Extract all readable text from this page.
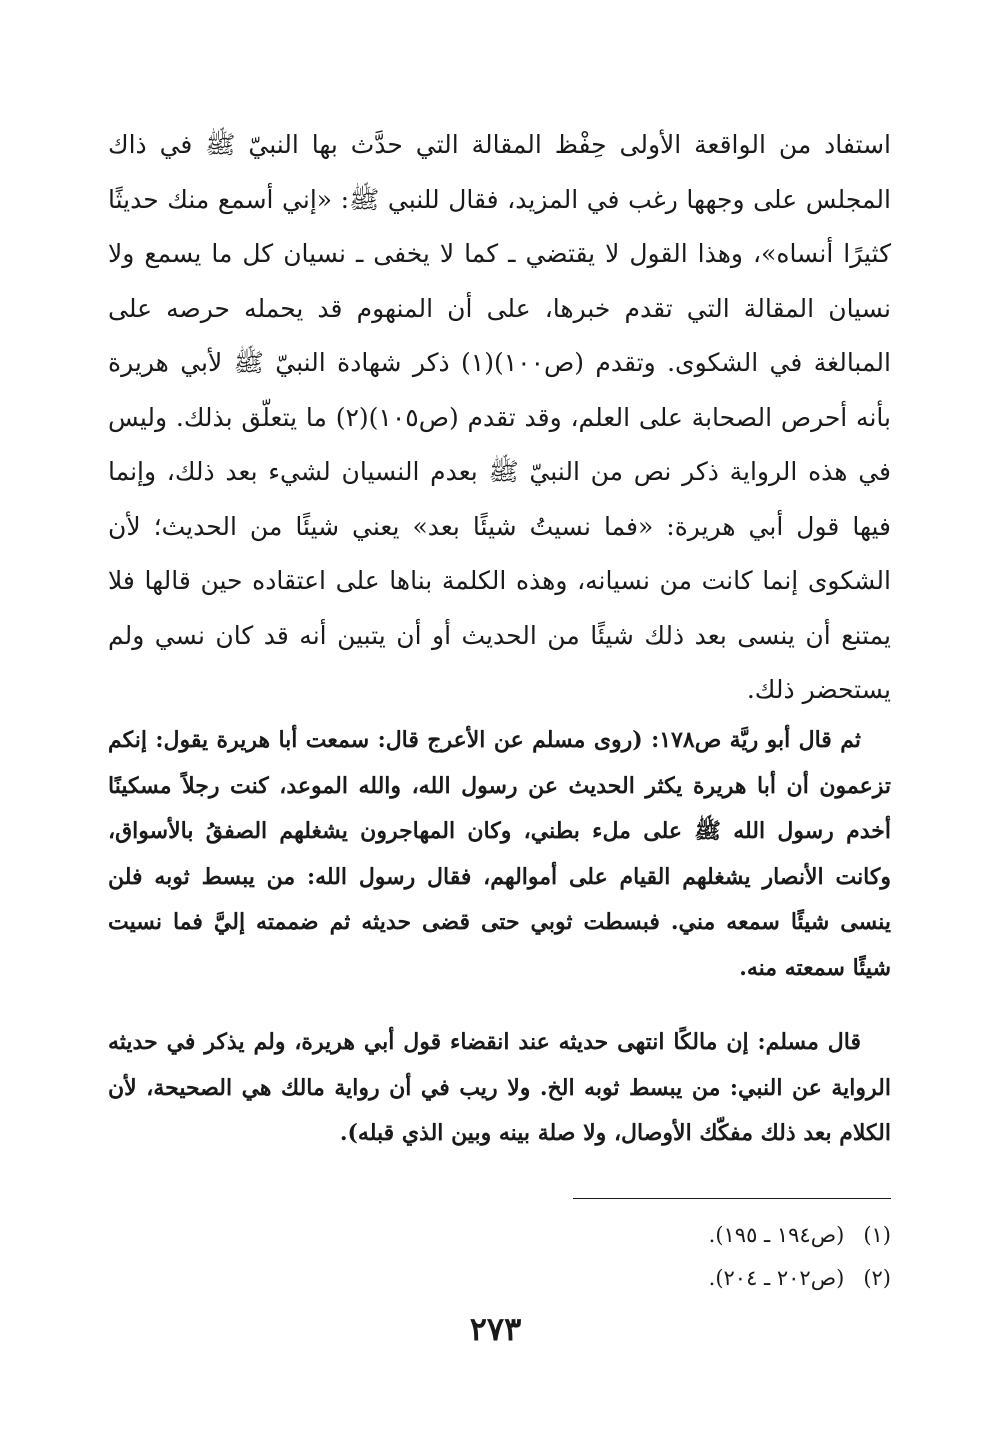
استفاد من الواقعة الأولى حِفْظ المقالة التي حدَّث بها النبيّ ﷺ في ذاك المجلس على وجهها رغب في المزيد، فقال للنبي ﷺ: «إني أسمع منك حديثًا كثيرًا أنساه»، وهذا القول لا يقتضي ـ كما لا يخفى ـ نسيان كل ما يسمع ولا نسيان المقالة التي تقدم خبرها، على أن المنهوم قد يحمله حرصه على المبالغة في الشكوى. وتقدم (ص١٠٠)(١) ذكر شهادة النبيّ ﷺ لأبي هريرة بأنه أحرص الصحابة على العلم، وقد تقدم (ص١٠٥)(٢) ما يتعلّق بذلك. وليس في هذه الرواية ذكر نص من النبيّ ﷺ بعدم النسيان لشيء بعد ذلك، وإنما فيها قول أبي هريرة: «فما نسيتُ شيئًا بعد» يعني شيئًا من الحديث؛ لأن الشكوى إنما كانت من نسيانه، وهذه الكلمة بناها على اعتقاده حين قالها فلا يمتنع أن ينسى بعد ذلك شيئًا من الحديث أو أن يتبين أنه قد كان نسي ولم يستحضر ذلك.

ثم قال أبو ريَّة ص١٧٨: (روى مسلم عن الأعرج قال: سمعت أبا هريرة يقول: إنكم تزعمون أن أبا هريرة يكثر الحديث عن رسول الله، والله الموعد، كنت رجلاً مسكينًا أخدم رسول الله ﷺ على ملء بطني، وكان المهاجرون يشغلهم الصفقُ بالأسواق، وكانت الأنصار يشغلهم القيام على أموالهم، فقال رسول الله: من يبسط ثوبه فلن ينسى شيئًا سمعه مني. فبسطت ثوبي حتى قضى حديثه ثم ضممته إليَّ فما نسيت شيئًا سمعته منه.

قال مسلم: إن مالكًا انتهى حديثه عند انقضاء قول أبي هريرة، ولم يذكر في حديثه الرواية عن النبي: من يبسط ثوبه الخ. ولا ريب في أن رواية مالك هي الصحيحة، لأن الكلام بعد ذلك مفكّك الأوصال، ولا صلة بينه وبين الذي قبله).

(١) (ص١٩٤ ـ ١٩٥).
(٢) (ص٢٠٢ ـ ٢٠٤).
٢٧٣
